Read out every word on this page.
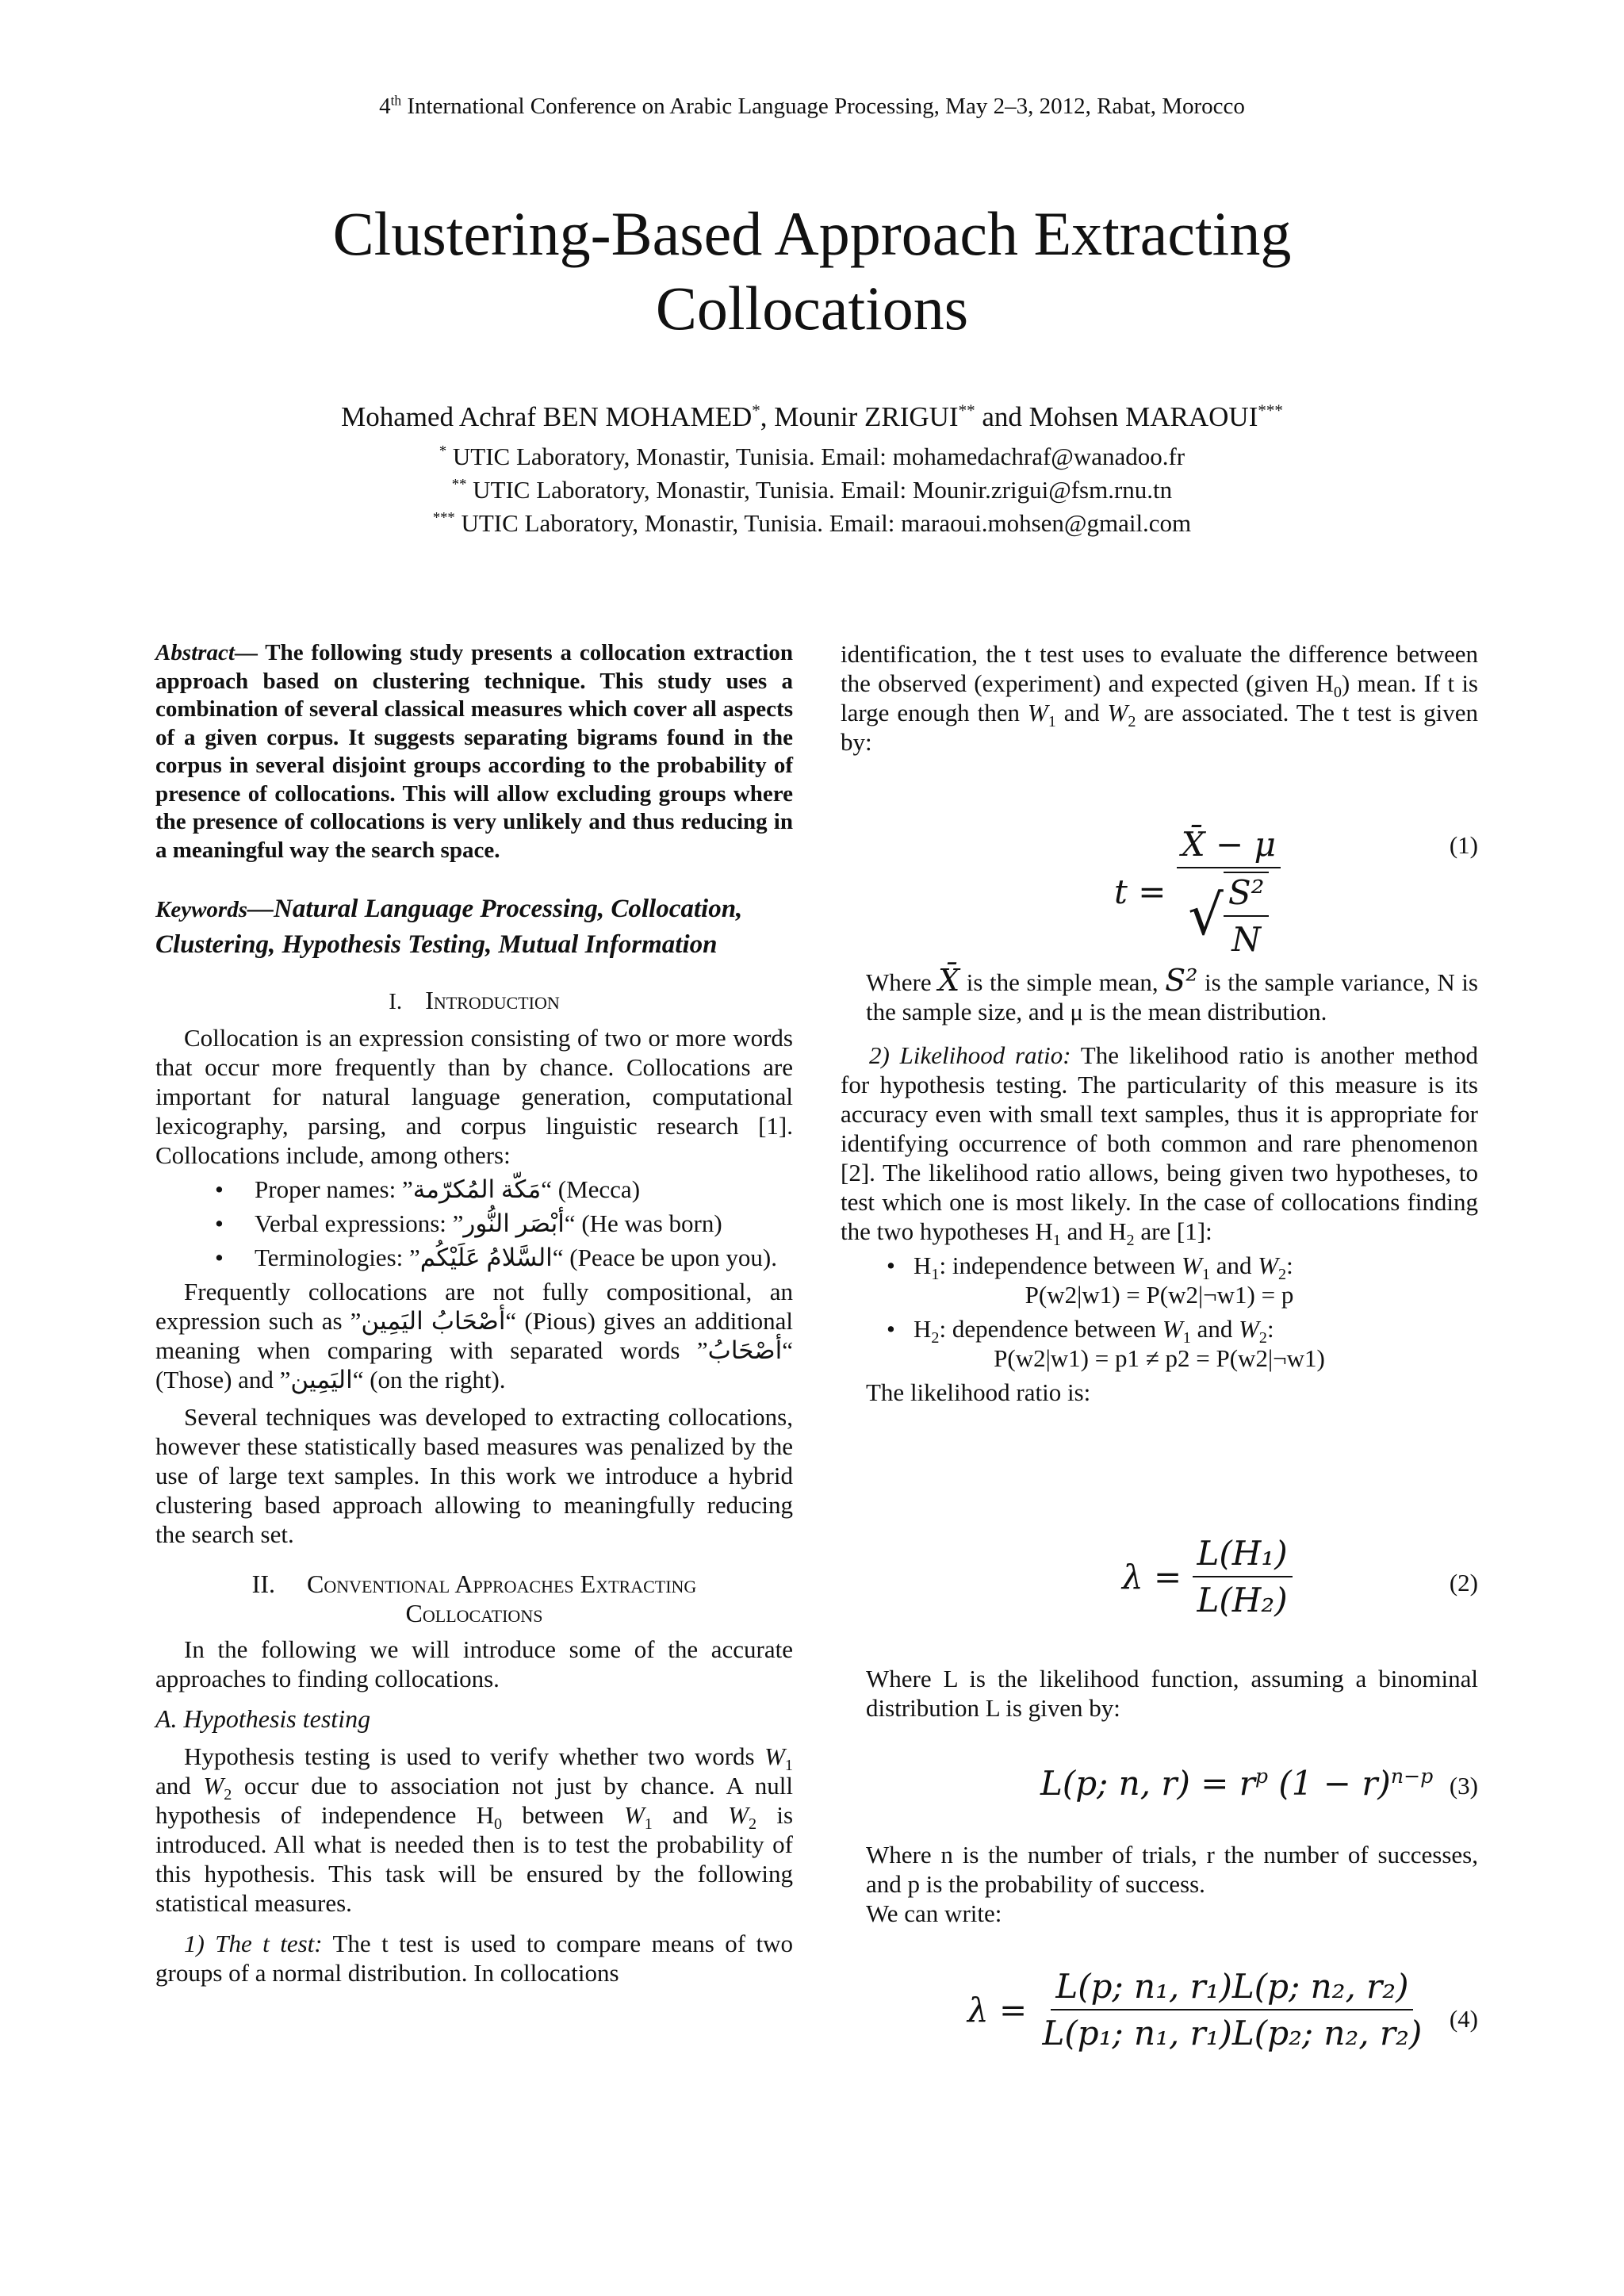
4th International Conference on Arabic Language Processing, May 2–3, 2012, Rabat, Morocco
Clustering-Based Approach Extracting
Collocations
Mohamed Achraf BEN MOHAMED*, Mounir ZRIGUI** and Mohsen MARAOUI***
* UTIC Laboratory, Monastir, Tunisia. Email: mohamedachraf@wanadoo.fr
** UTIC Laboratory, Monastir, Tunisia. Email: Mounir.zrigui@fsm.rnu.tn
*** UTIC Laboratory, Monastir, Tunisia. Email: maraoui.mohsen@gmail.com

Abstract— The following study presents a collocation extraction approach based on clustering technique. This study uses a combination of several classical measures which cover all aspects of a given corpus. It suggests separating bigrams found in the corpus in several disjoint groups according to the probability of presence of collocations. This will allow excluding groups where the presence of collocations is very unlikely and thus reducing in a meaningful way the search space.

Keywords—Natural Language Processing, Collocation, Clustering, Hypothesis Testing, Mutual Information

I. Introduction

Collocation is an expression consisting of two or more words that occur more frequently than by chance. Collocations are important for natural language generation, computational lexicography, parsing, and corpus linguistic research [1]. Collocations include, among others:

• Proper names: “مَكّة المُكرّمة” (Mecca)
• Verbal expressions: “أبْصَر النُّور” (He was born)
• Terminologies: “السَّلامُ عَلَيْكُم” (Peace be upon you).

Frequently collocations are not fully compositional, an expression such as “أصْحَابُ اليَمِين” (Pious) gives an additional meaning when comparing with separated words “أصْحَابُ” (Those) and “اليَمِين” (on the right).

Several techniques was developed to extracting collocations, however these statistically based measures was penalized by the use of large text samples. In this work we introduce a hybrid clustering based approach allowing to meaningfully reducing the search set.

II. Conventional Approaches Extracting
Collocations

In the following we will introduce some of the accurate approaches to finding collocations.

A. Hypothesis testing

Hypothesis testing is used to verify whether two words $W_1$ and $W_2$ occur due to association not just by chance. A null hypothesis of independence $H_0$ between $W_1$ and $W_2$ is introduced. All what is needed then is to test the probability of this hypothesis. This task will be ensured by the following statistical measures.

1) The t test: The t test is used to compare means of two groups of a normal distribution. In collocations

identification, the t test uses to evaluate the difference between the observed (experiment) and expected (given $H_0$) mean. If t is large enough then $W_1$ and $W_2$ are associated. The t test is given by:

t =
$\frac{X̄ - \mu}{√ \frac{\text{S²}}{N}}$	(1)

Where X̄ is the simple mean, S² is the sample variance, N is the sample size, and μ is the mean distribution.

2) Likelihood ratio: The likelihood ratio is another method for hypothesis testing. The particularity of this measure is its accuracy even with small text samples, thus it is appropriate for identifying occurrence of both common and rare phenomenon [2]. The likelihood ratio allows, being given two hypotheses, to test which one is most likely. In the case of collocations finding the two hypotheses $H_1$ and $H_2$ are [1]:

• $H_1$: independence between $W_1$ and $W_2$:
P(w2|w1) = P(w2|¬w1) = p
• $H_2$: dependence between $W_1$ and $W_2$:
P(w2|w1) = p1 ≠ p2 = P(w2|¬w1)

The likelihood ratio is:

λ =
$\frac{\text{L(H₁)}}{\text{L(H₂)}}$	(2)

Where L is the likelihood function, assuming a binominal distribution L is given by:

L(p; n, $r) = r^p$ $(1 - r)^{n-p}$ (3)

Where n is the number of trials, r the number of successes, and p is the probability of success.

We can write:

λ =
$\frac{\text{L(p; n₁, r₁)L(p; n₂, r₂)}}{\text{L(p₁; n₁, r₁)L(p₂; n₂, r₂)}} (4)$
